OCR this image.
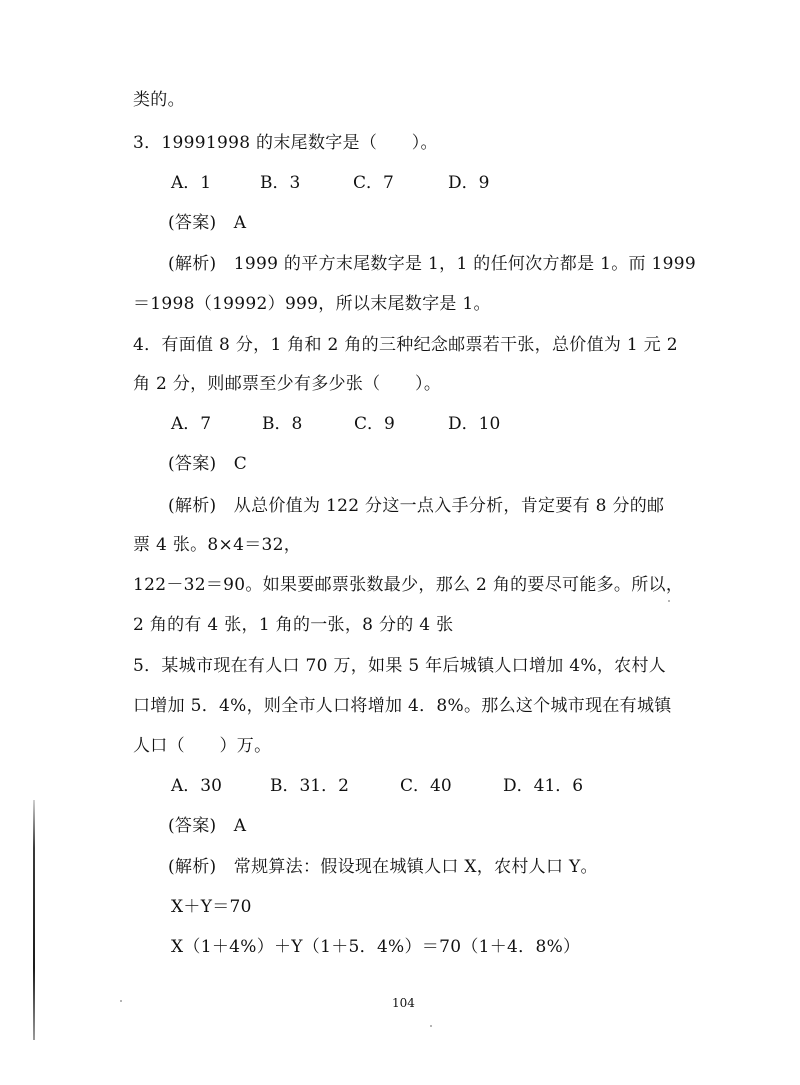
类的。
3．19991998 的末尾数字是（　　）。
A．1	B．3	C．7	D．9
(答案)　A
(解析)　1999 的平方末尾数字是 1，1 的任何次方都是 1。而 1999
＝1998（19992）999，所以末尾数字是 1。
4．有面值 8 分，1 角和 2 角的三种纪念邮票若干张，总价值为 1 元 2
角 2 分，则邮票至少有多少张（　　）。
A．7	B．8	C．9	D．10
(答案)　C
(解析)　从总价值为 122 分这一点入手分析，肯定要有 8 分的邮
票 4 张。8×4＝32，
122－32＝90。如果要邮票张数最少，那么 2 角的要尽可能多。所以，
2 角的有 4 张，1 角的一张，8 分的 4 张
5．某城市现在有人口 70 万，如果 5 年后城镇人口增加 4%，农村人
口增加 5．4%，则全市人口将增加 4．8%。那么这个城市现在有城镇
人口（　　）万。
A．30	B．31．2	C．40	D．41．6
(答案)　A
(解析)　常规算法：假设现在城镇人口 X，农村人口 Y。
X＋Y＝70
X（1＋4%）＋Y（1＋5．4%）＝70（1＋4．8%）
104
